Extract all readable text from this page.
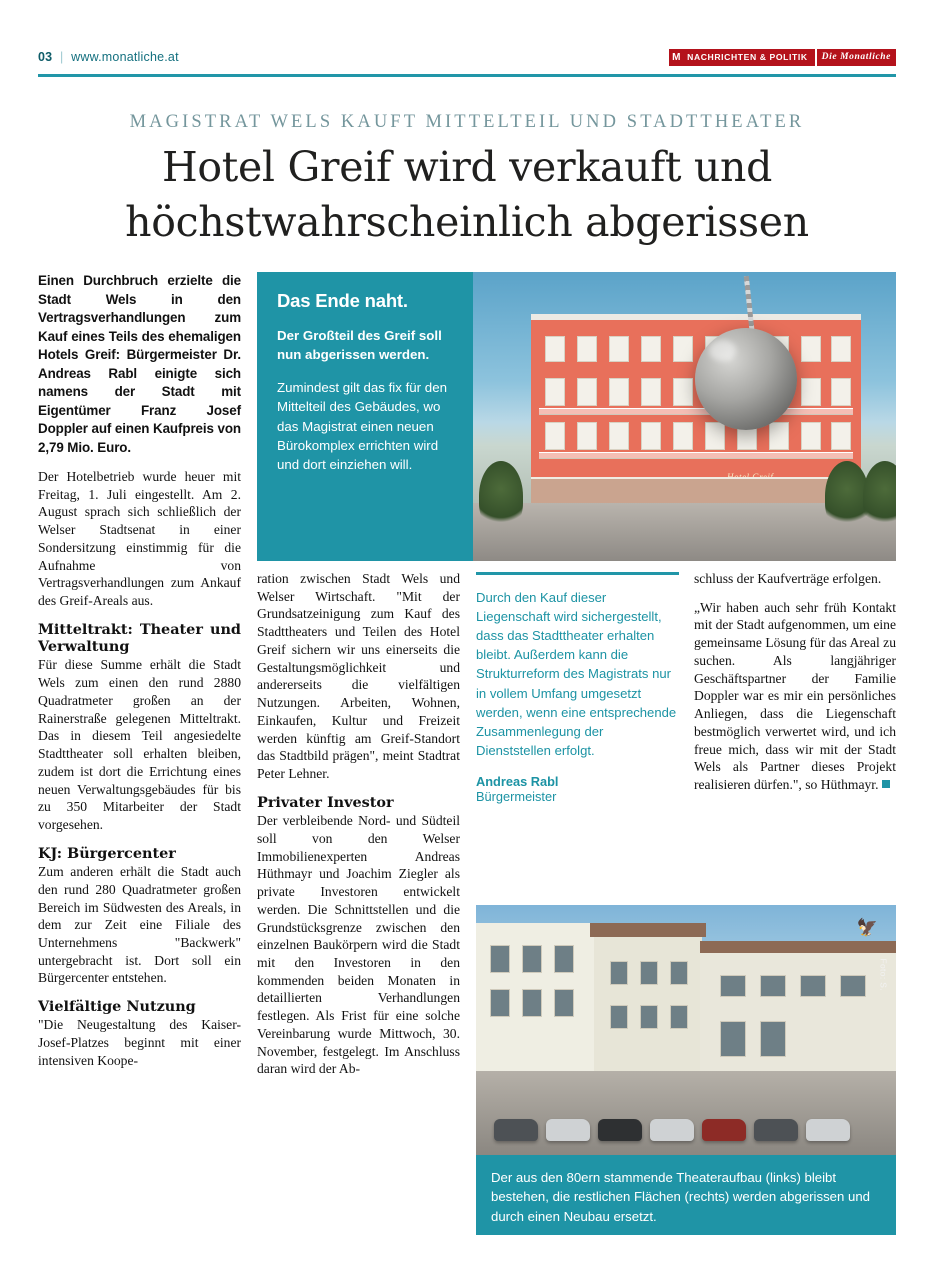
03 | www.monatliche.at	M NACHRICHTEN & POLITIK	Die Monatliche
MAGISTRAT WELS KAUFT MITTELTEIL UND STADTTHEATER
Hotel Greif wird verkauft und
höchstwahrscheinlich abgerissen
Das Ende naht.
Der Großteil des Greif soll nun abgerissen werden.
Zumindest gilt das fix für den Mittelteil des Gebäudes, wo das Magistrat einen neuen Bürokomplex errichten wird und dort einziehen will.

Einen Durchbruch erzielte die Stadt Wels in den Vertragsverhandlungen zum Kauf eines Teils des ehemaligen Hotels Greif: Bürgermeister Dr. Andreas Rabl einigte sich namens der Stadt mit Eigentümer Franz Josef Doppler auf einen Kaufpreis von 2,79 Mio. Euro.

Der Hotelbetrieb wurde heuer mit Freitag, 1. Juli eingestellt. Am 2. August sprach sich schließlich der Welser Stadtsenat in einer Sondersitzung einstimmig für die Aufnahme von Vertragsverhandlungen zum Ankauf des Greif-Areals aus.

Mitteltrakt: Theater und Verwaltung

Für diese Summe erhält die Stadt Wels zum einen den rund 2880 Quadratmeter großen an der Rainerstraße gelegenen Mitteltrakt. Das in diesem Teil angesiedelte Stadttheater soll erhalten bleiben, zudem ist dort die Errichtung eines neuen Verwaltungsgebäudes für bis zu 350 Mitarbeiter der Stadt vorgesehen.

KJ: Bürgercenter

Zum anderen erhält die Stadt auch den rund 280 Quadratmeter großen Bereich im Südwesten des Areals, in dem zur Zeit eine Filiale des Unternehmens "Backwerk" untergebracht ist. Dort soll ein Bürgercenter entstehen.

Vielfältige Nutzung

"Die Neugestaltung des Kaiser-Josef-Platzes beginnt mit einer intensiven Koope-

ration zwischen Stadt Wels und Welser Wirtschaft. "Mit der Grundsatzeinigung zum Kauf des Stadttheaters und Teilen des Hotel Greif sichern wir uns einerseits die Gestaltungsmöglichkeit und andererseits die vielfältigen Nutzungen. Arbeiten, Wohnen, Einkaufen, Kultur und Freizeit werden künftig am Greif-Standort das Stadtbild prägen", meint Stadtrat Peter Lehner.

Privater Investor

Der verbleibende Nord- und Südteil soll von den Welser Immobilienexperten Andreas Hüthmayr und Joachim Ziegler als private Investoren entwickelt werden. Die Schnittstellen und die Grundstücksgrenze zwischen den einzelnen Baukörpern wird die Stadt mit den Investoren in den kommenden beiden Monaten in detaillierten Verhandlungen festlegen. Als Frist für eine solche Vereinbarung wurde Mittwoch, 30. November, festgelegt. Im Anschluss daran wird der Ab-

Durch den Kauf dieser Liegenschaft wird sichergestellt, dass das Stadttheater erhalten bleibt. Außerdem kann die Strukturreform des Magistrats nur in vollem Umfang umgesetzt werden, wenn eine entsprechende Zusammenlegung der Dienststellen erfolgt.
Andreas Rabl
Bürgermeister

schluss der Kaufverträge erfolgen.

„Wir haben auch sehr früh Kontakt mit der Stadt aufgenommen, um eine gemeinsame Lösung für das Areal zu suchen. Als langjähriger Geschäftspartner der Familie Doppler war es mir ein persönliches Anliegen, dass die Liegenschaft bestmöglich verwertet wird, und ich freue mich, dass wir mit der Stadt Wels als Partner dieses Projekt realisieren dürfen.", so Hüthmayr.

🦅
Foto: S.
Der aus den 80ern stammende Theateraufbau (links) bleibt bestehen, die restlichen Flächen (rechts) werden abgerissen und durch einen Neubau ersetzt.
